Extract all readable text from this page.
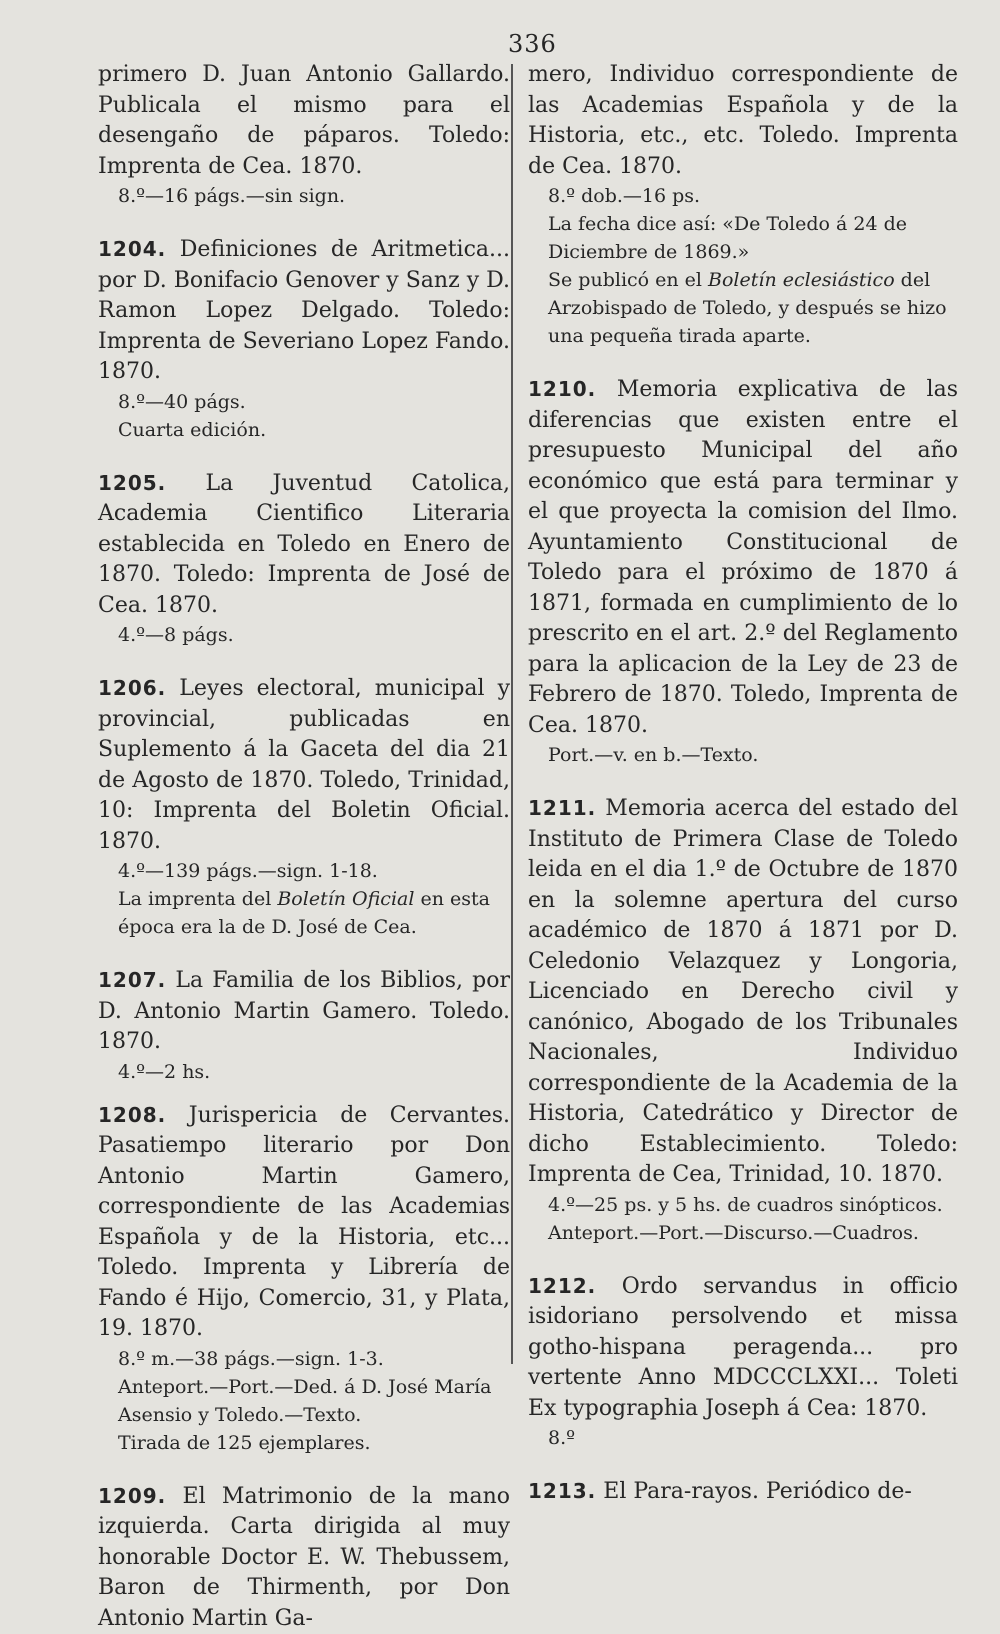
336

primero D. Juan Antonio Gallardo. Publicala el mismo para el desengaño de páparos. Toledo: Imprenta de Cea. 1870.

8.º—16 págs.—sin sign.

1204. Definiciones de Aritmetica... por D. Bonifacio Genover y Sanz y D. Ramon Lopez Delgado. Toledo: Imprenta de Severiano Lopez Fando. 1870.

8.º—40 págs.

Cuarta edición.

1205. La Juventud Catolica, Academia Cientifico Literaria establecida en Toledo en Enero de 1870. Toledo: Imprenta de José de Cea. 1870.

4.º—8 págs.

1206. Leyes electoral, municipal y provincial, publicadas en Suplemento á la Gaceta del dia 21 de Agosto de 1870. Toledo, Trinidad, 10: Imprenta del Boletin Oficial. 1870.

4.º—139 págs.—sign. 1-18.

La imprenta del Boletín Oficial en esta época era la de D. José de Cea.

1207. La Familia de los Biblios, por D. Antonio Martin Gamero. Toledo. 1870.

4.º—2 hs.

1208. Jurispericia de Cervantes. Pasatiempo literario por Don Antonio Martin Gamero, correspondiente de las Academias Española y de la Historia, etc... Toledo. Imprenta y Librería de Fando é Hijo, Comercio, 31, y Plata, 19. 1870.

8.º m.—38 págs.—sign. 1-3.

Anteport.—Port.—Ded. á D. José María Asensio y Toledo.—Texto.

Tirada de 125 ejemplares.

1209. El Matrimonio de la mano izquierda. Carta dirigida al muy honorable Doctor E. W. Thebussem, Baron de Thirmenth, por Don Antonio Martin Ga-

mero, Individuo correspondiente de las Academias Española y de la Historia, etc., etc. Toledo. Imprenta de Cea. 1870.

8.º dob.—16 ps.

La fecha dice así: «De Toledo á 24 de Diciembre de 1869.»

Se publicó en el Boletín eclesiástico del Arzobispado de Toledo, y después se hizo una pequeña tirada aparte.

1210. Memoria explicativa de las diferencias que existen entre el presupuesto Municipal del año económico que está para terminar y el que proyecta la comision del Ilmo. Ayuntamiento Constitucional de Toledo para el próximo de 1870 á 1871, formada en cumplimiento de lo prescrito en el art. 2.º del Reglamento para la aplicacion de la Ley de 23 de Febrero de 1870. Toledo, Imprenta de Cea. 1870.

Port.—v. en b.—Texto.

1211. Memoria acerca del estado del Instituto de Primera Clase de Toledo leida en el dia 1.º de Octubre de 1870 en la solemne apertura del curso académico de 1870 á 1871 por D. Celedonio Velazquez y Longoria, Licenciado en Derecho civil y canónico, Abogado de los Tribunales Nacionales, Individuo correspondiente de la Academia de la Historia, Catedrático y Director de dicho Establecimiento. Toledo: Imprenta de Cea, Trinidad, 10. 1870.

4.º—25 ps. y 5 hs. de cuadros sinópticos.

Anteport.—Port.—Discurso.—Cuadros.

1212. Ordo servandus in officio isidoriano persolvendo et missa gotho-hispana peragenda... pro vertente Anno MDCCCLXXI... Toleti Ex typographia Joseph á Cea: 1870.

8.º

1213. El Para-rayos. Periódico de-
